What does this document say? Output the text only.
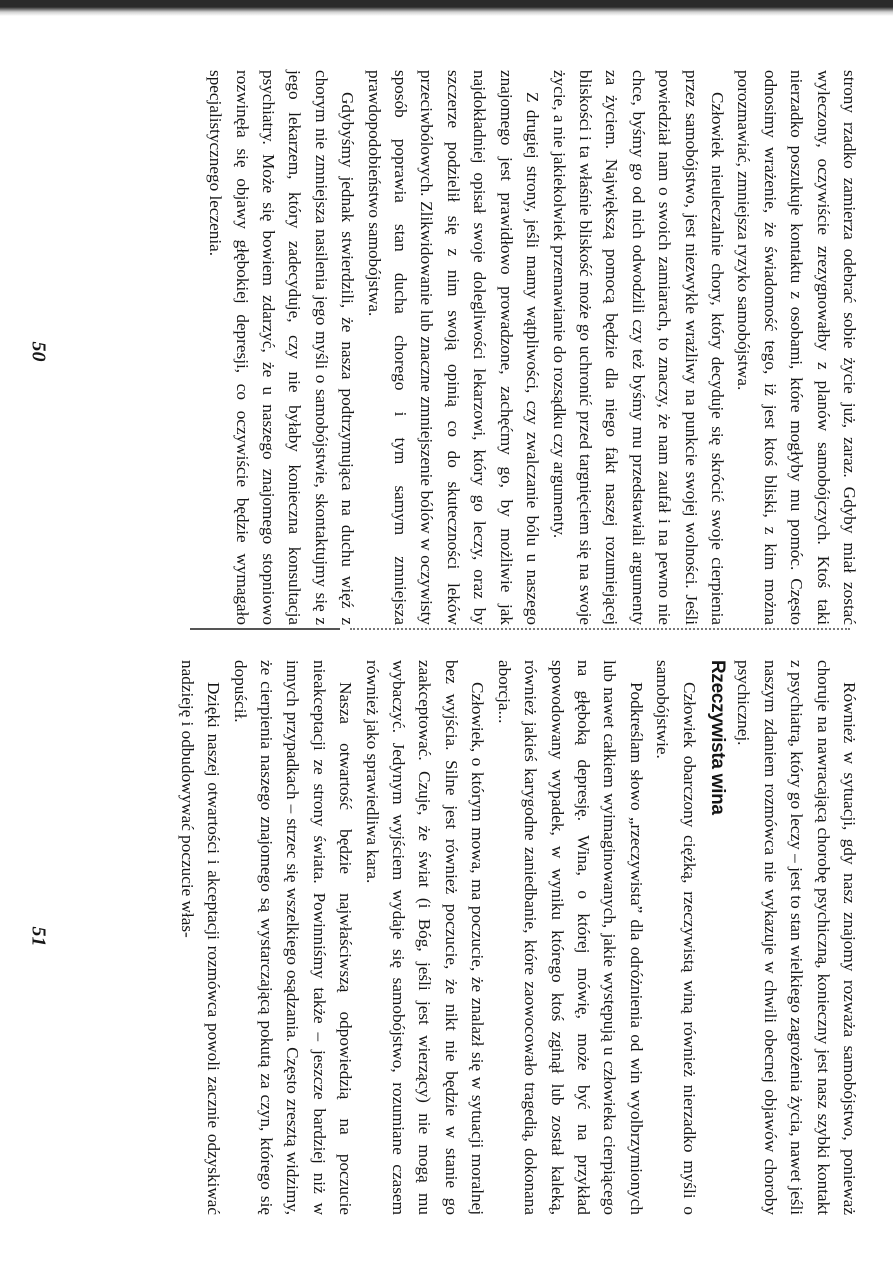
strony rzadko zamierza odebrać sobie życie już, zaraz. Gdyby miał zostać wyleczony, oczywiście zrezygnowałby z planów samobójczych. Ktoś taki nierzadko poszukuje kontaktu z osobami, które mogłyby mu pomóc. Często odnosimy wrażenie, że świadomość tego, iż jest ktoś bliski, z kim można porozmawiać, zmniejsza ryzyko samobójstwa.

Człowiek nieuleczalnie chory, który decyduje się skrócić swoje cierpienia przez samobójstwo, jest niezwykle wrażliwy na punkcie swojej wolności. Jeśli powiedział nam o swoich zamiarach, to znaczy, że nam zaufał i na pewno nie chce, byśmy go od nich odwodzili czy też byśmy mu przedstawiali argumenty za życiem. Największą pomocą będzie dla niego fakt naszej rozumiejącej bliskości i ta właśnie bliskość może go uchronić przed targnięciem się na swoje życie, a nie jakiekolwiek przemawianie do rozsądku czy argumenty.

Z drugiej strony, jeśli mamy wątpliwości, czy zwalczanie bólu u naszego znajomego jest prawidłowo prowadzone, zachęćmy go, by możliwie jak najdokładniej opisał swoje dolegliwości lekarzowi, który go leczy, oraz by szczerze podzielił się z nim swoją opinią co do skuteczności leków przeciwbólowych. Zlikwidowanie lub znaczne zmniejszenie bólów w oczywisty sposób poprawia stan ducha chorego i tym samym zmniejsza prawdopodobieństwo samobójstwa.

Gdybyśmy jednak stwierdzili, że nasza podtrzymująca na duchu więź z chorym nie zmniejsza nasilenia jego myśli o samobójstwie, skontaktujmy się z jego lekarzem, który zadecyduje, czy nie byłaby konieczna konsultacja psychiatry. Może się bowiem zdarzyć, że u naszego znajomego stopniowo rozwinęła się objawy głębokiej depresji, co oczywiście będzie wymagało specjalistycznego leczenia.

50

Również w sytuacji, gdy nasz znajomy rozważa samobójstwo, ponieważ choruje na nawracającą chorobę psychiczną, konieczny jest nasz szybki kontakt z psychiatrą, który go leczy – jest to stan wielkiego zagrożenia życia, nawet jeśli naszym zdaniem rozmówca nie wykazuje w chwili obecnej objawów choroby psychicznej.

Rzeczywista wina

Człowiek obarczony ciężką, rzeczywistą winą również nierzadko myśli o samobójstwie.

Podkreślam słowo „rzeczywista” dla odróżnienia od win wyolbrzymionych lub nawet całkiem wyimaginowanych, jakie występują u człowieka cierpiącego na głęboką depresję. Wina, o której mówię, może być na przykład spowodowany wypadek, w wyniku którego ktoś zginął lub został kaleką, również jakieś karygodne zaniedbanie, które zaowocowało tragedią, dokonana aborcja...

Człowiek, o którym mowa, ma poczucie, że znalazł się w sytuacji moralnej bez wyjścia. Silne jest również poczucie, że nikt nie będzie w stanie go zaakceptować. Czuje, że świat (i Bóg, jeśli jest wierzący) nie mogą mu wybaczyć. Jedynym wyjściem wydaje się samobójstwo, rozumiane czasem również jako sprawiedliwa kara.

Nasza otwartość będzie najwłaściwszą odpowiedzią na poczucie nieakceptacji ze strony świata. Powinniśmy także – jeszcze bardziej niż w innych przypadkach – strzec się wszelkiego osądzania. Często zresztą widzimy, że cierpienia naszego znajomego są wystarczającą pokutą za czyn, którego się dopuścił.

Dzięki naszej otwartości i akceptacji rozmówca powoli zacznie odzyskiwać nadzieję i odbudowywać poczucie włas-

51
